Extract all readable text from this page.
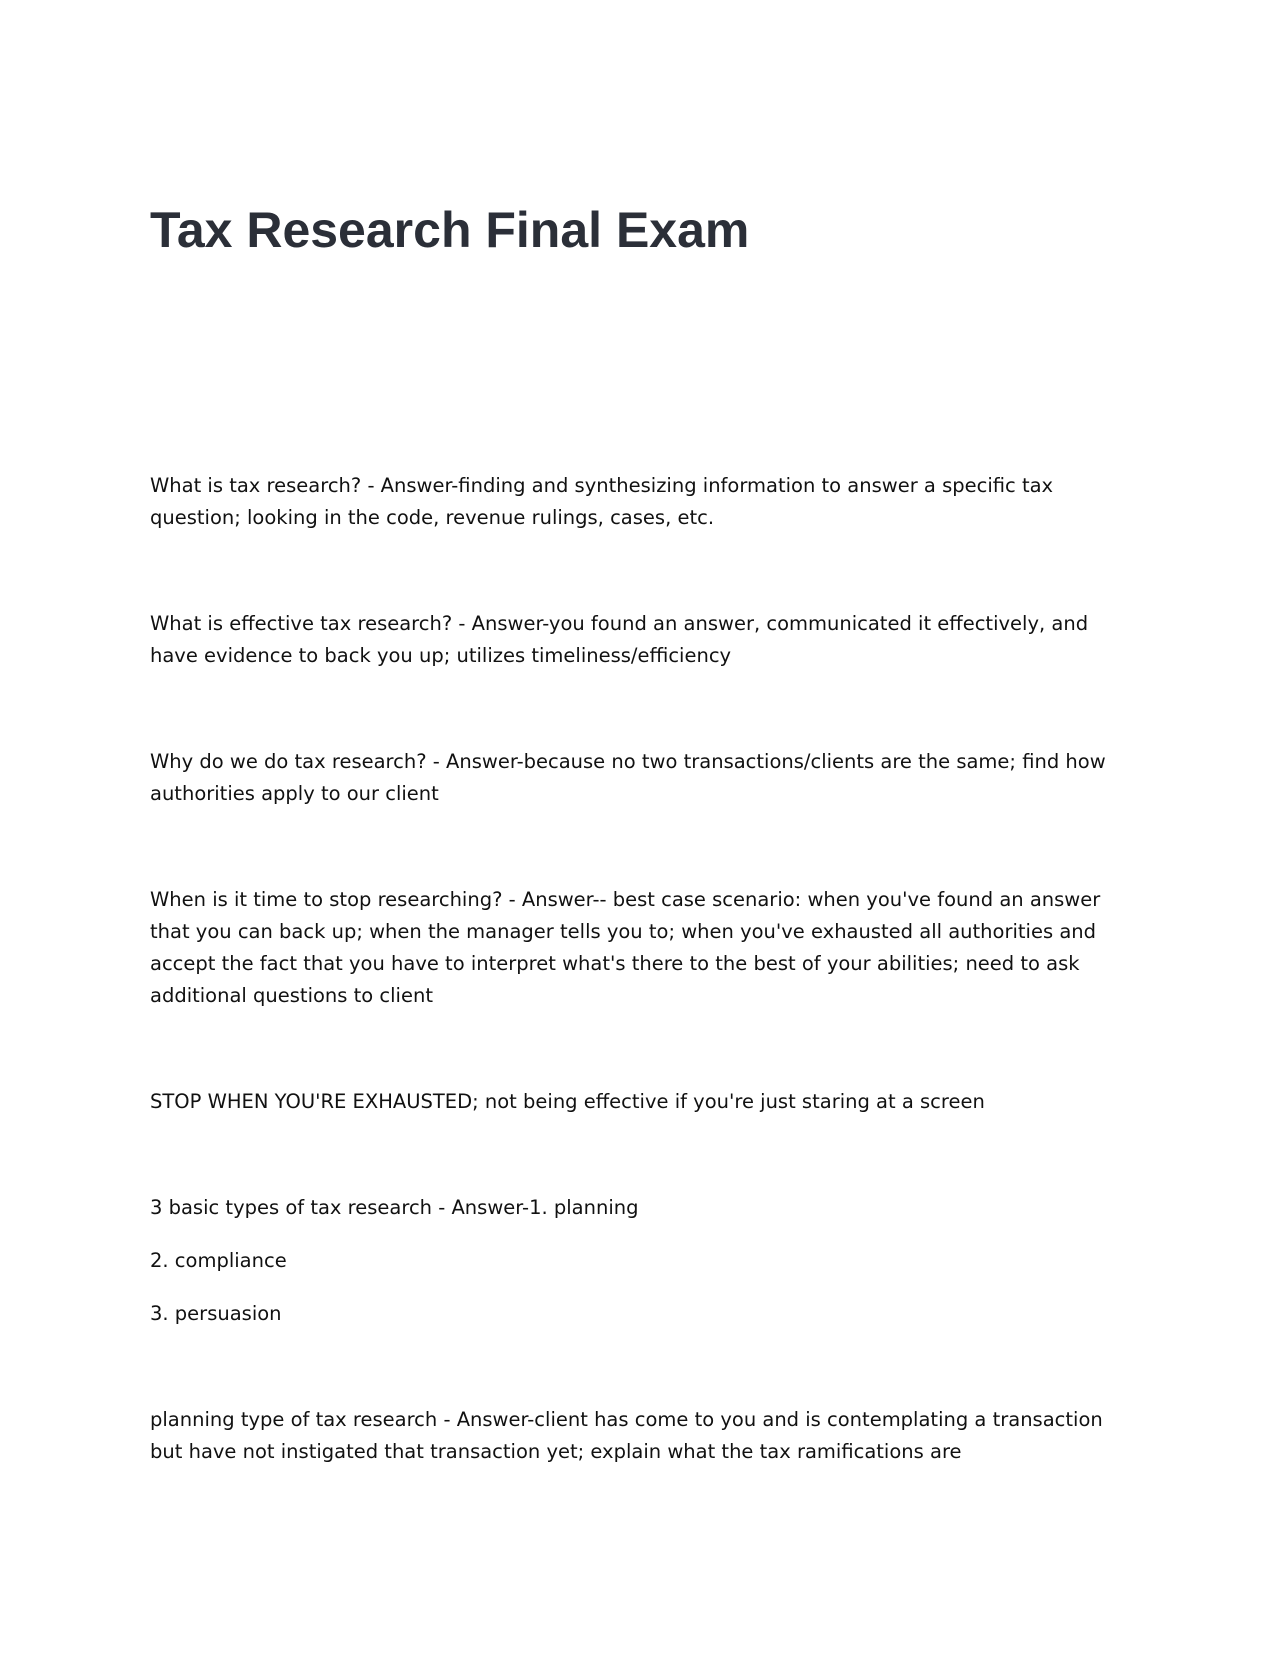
Tax Research Final Exam

What is tax research? - Answer-finding and synthesizing information to answer a specific tax question; looking in the code, revenue rulings, cases, etc.

What is effective tax research? - Answer-you found an answer, communicated it effectively, and have evidence to back you up; utilizes timeliness/efficiency

Why do we do tax research? - Answer-because no two transactions/clients are the same; find how authorities apply to our client

When is it time to stop researching? - Answer-- best case scenario: when you've found an answer that you can back up; when the manager tells you to; when you've exhausted all authorities and accept the fact that you have to interpret what's there to the best of your abilities; need to ask additional questions to client

STOP WHEN YOU'RE EXHAUSTED; not being effective if you're just staring at a screen

3 basic types of tax research - Answer-1. planning

2. compliance

3. persuasion

planning type of tax research - Answer-client has come to you and is contemplating a transaction but have not instigated that transaction yet; explain what the tax ramifications are
